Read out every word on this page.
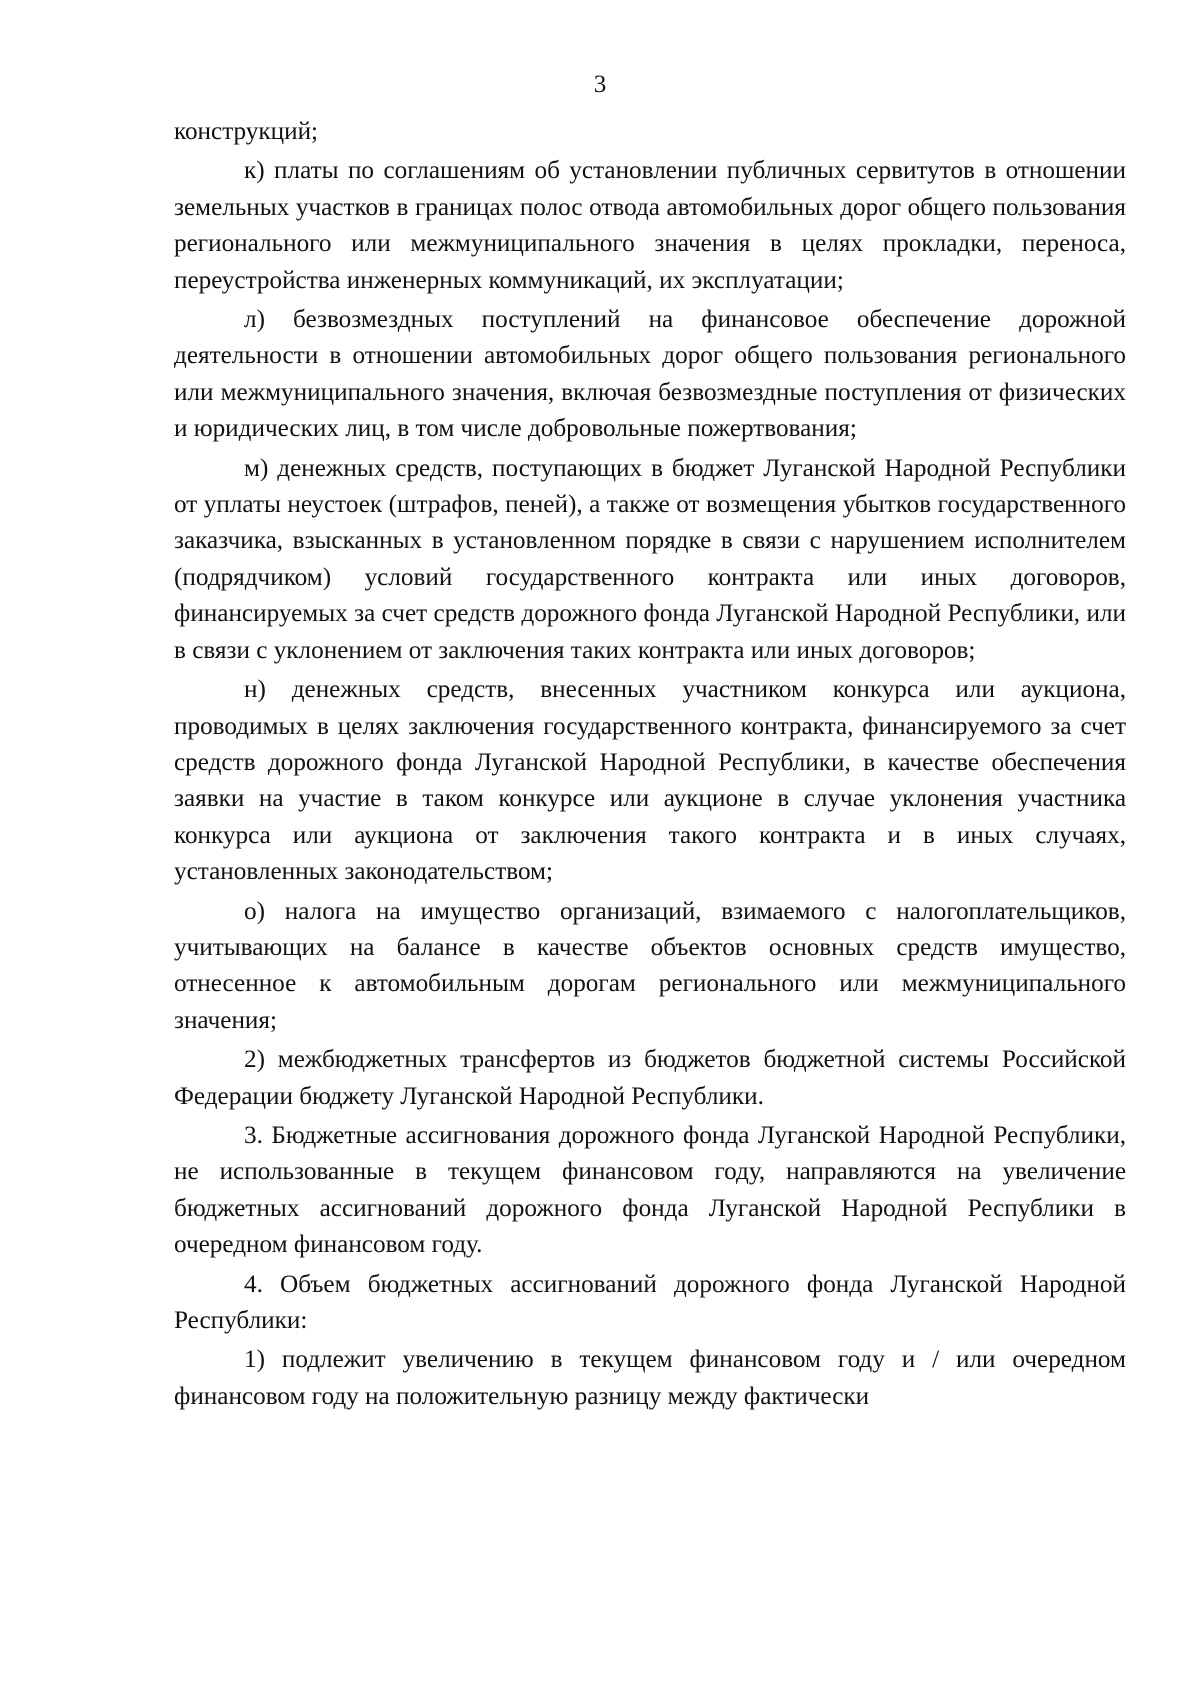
3

конструкций;

к) платы по соглашениям об установлении публичных сервитутов в отношении земельных участков в границах полос отвода автомобильных дорог общего пользования регионального или межмуниципального значения в целях прокладки, переноса, переустройства инженерных коммуникаций, их эксплуатации;

л) безвозмездных поступлений на финансовое обеспечение дорожной деятельности в отношении автомобильных дорог общего пользования регионального или межмуниципального значения, включая безвозмездные поступления от физических и юридических лиц, в том числе добровольные пожертвования;

м) денежных средств, поступающих в бюджет Луганской Народной Республики от уплаты неустоек (штрафов, пеней), а также от возмещения убытков государственного заказчика, взысканных в установленном порядке в связи с нарушением исполнителем (подрядчиком) условий государственного контракта или иных договоров, финансируемых за счет средств дорожного фонда Луганской Народной Республики, или в связи с уклонением от заключения таких контракта или иных договоров;

н) денежных средств, внесенных участником конкурса или аукциона, проводимых в целях заключения государственного контракта, финансируемого за счет средств дорожного фонда Луганской Народной Республики, в качестве обеспечения заявки на участие в таком конкурсе или аукционе в случае уклонения участника конкурса или аукциона от заключения такого контракта и в иных случаях, установленных законодательством;

о) налога на имущество организаций, взимаемого с налогоплательщиков, учитывающих на балансе в качестве объектов основных средств имущество, отнесенное к автомобильным дорогам регионального или межмуниципального значения;

2) межбюджетных трансфертов из бюджетов бюджетной системы Российской Федерации бюджету Луганской Народной Республики.

3. Бюджетные ассигнования дорожного фонда Луганской Народной Республики, не использованные в текущем финансовом году, направляются на увеличение бюджетных ассигнований дорожного фонда Луганской Народной Республики в очередном финансовом году.

4. Объем бюджетных ассигнований дорожного фонда Луганской Народной Республики:

1) подлежит увеличению в текущем финансовом году и / или очередном финансовом году на положительную разницу между фактически
